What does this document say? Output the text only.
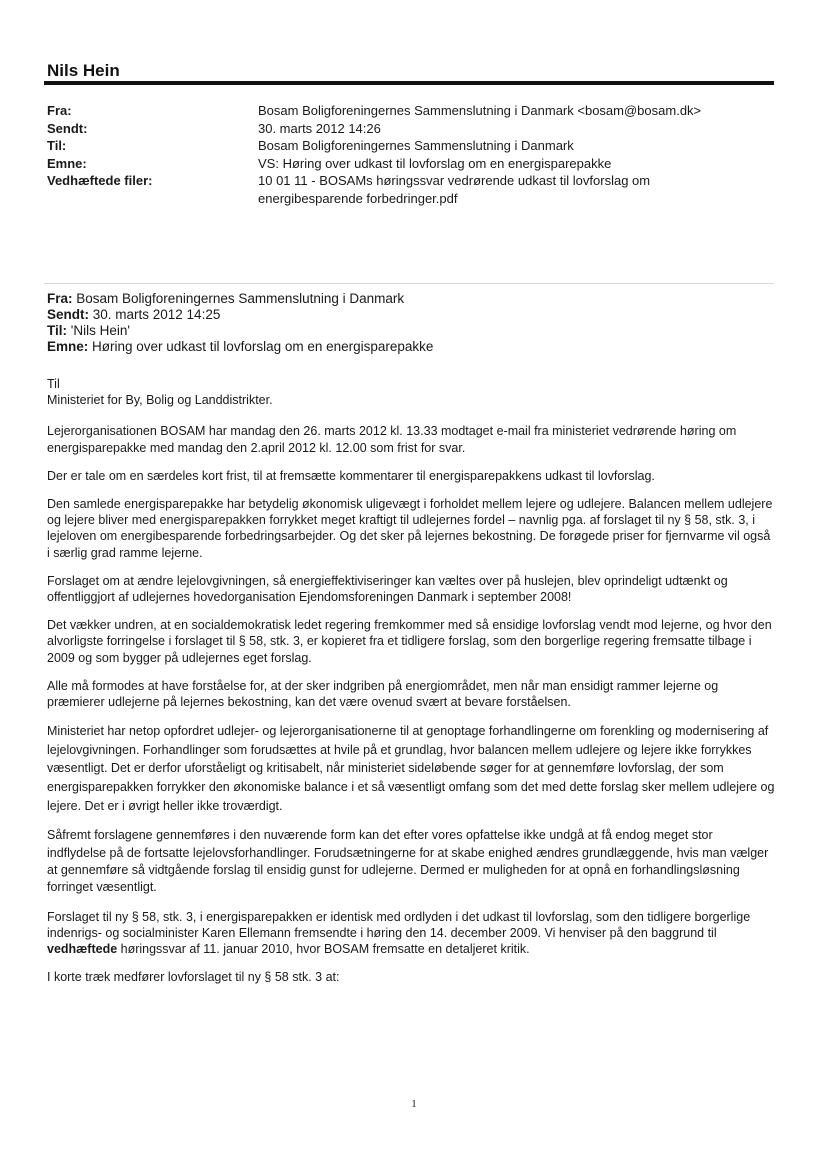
Nils Hein
Fra:	Bosam Boligforeningernes Sammenslutning i Danmark <bosam@bosam.dk>
Sendt:	30. marts 2012 14:26
Til:	Bosam Boligforeningernes Sammenslutning i Danmark
Emne:	VS: Høring over udkast til lovforslag om en energisparepakke
Vedhæftede filer:	10 01 11 - BOSAMs høringssvar vedrørende udkast til lovforslag om energibesparende forbedringer.pdf
Fra: Bosam Boligforeningernes Sammenslutning i Danmark
Sendt: 30. marts 2012 14:25
Til: 'Nils Hein'
Emne: Høring over udkast til lovforslag om en energisparepakke

Til

Ministeriet for By, Bolig og Landdistrikter.

Lejerorganisationen BOSAM har mandag den 26. marts 2012 kl. 13.33 modtaget e-mail fra ministeriet vedrørende høring om energisparepakke med mandag den 2.april 2012 kl. 12.00 som frist for svar.

Der er tale om en særdeles kort frist, til at fremsætte kommentarer til energisparepakkens udkast til lovforslag.

Den samlede energisparepakke har betydelig økonomisk uligevægt i forholdet mellem lejere og udlejere. Balancen mellem udlejere og lejere bliver med energisparepakken forrykket meget kraftigt til udlejernes fordel – navnlig pga. af forslaget til ny § 58, stk. 3, i lejeloven om energibesparende forbedringsarbejder. Og det sker på lejernes bekostning. De forøgede priser for fjernvarme vil også i særlig grad ramme lejerne.

Forslaget om at ændre lejelovgivningen, så energieffektiviseringer kan væltes over på huslejen, blev oprindeligt udtænkt og offentliggjort af udlejernes hovedorganisation Ejendomsforeningen Danmark i september 2008!

Det vækker undren, at en socialdemokratisk ledet regering fremkommer med så ensidige lovforslag vendt mod lejerne, og hvor den alvorligste forringelse i forslaget til § 58, stk. 3, er kopieret fra et tidligere forslag, som den borgerlige regering fremsatte tilbage i 2009 og som bygger på udlejernes eget forslag.

Alle må formodes at have forståelse for, at der sker indgriben på energiområdet, men når man ensidigt rammer lejerne og præmierer udlejerne på lejernes bekostning, kan det være ovenud svært at bevare forståelsen.

Ministeriet har netop opfordret udlejer- og lejerorganisationerne til at genoptage forhandlingerne om forenkling og modernisering af lejelovgivningen. Forhandlinger som forudsættes at hvile på et grundlag, hvor balancen mellem udlejere og lejere ikke forrykkes væsentligt. Det er derfor uforståeligt og kritisabelt, når ministeriet sideløbende søger for at gennemføre lovforslag, der som energisparepakken forrykker den økonomiske balance i et så væsentligt omfang som det med dette forslag sker mellem udlejere og lejere. Det er i øvrigt heller ikke troværdigt.

Såfremt forslagene gennemføres i den nuværende form kan det efter vores opfattelse ikke undgå at få endog meget stor indflydelse på de fortsatte lejelovsforhandlinger. Forudsætningerne for at skabe enighed ændres grundlæggende, hvis man vælger at gennemføre så vidtgående forslag til ensidig gunst for udlejerne. Dermed er muligheden for at opnå en forhandlingsløsning forringet væsentligt.

Forslaget til ny § 58, stk. 3, i energisparepakken er identisk med ordlyden i det udkast til lovforslag, som den tidligere borgerlige indenrigs- og socialminister Karen Ellemann fremsendte i høring den 14. december 2009. Vi henviser på den baggrund til vedhæftede høringssvar af 11. januar 2010, hvor BOSAM fremsatte en detaljeret kritik.

I korte træk medfører lovforslaget til ny § 58 stk. 3 at:

1
